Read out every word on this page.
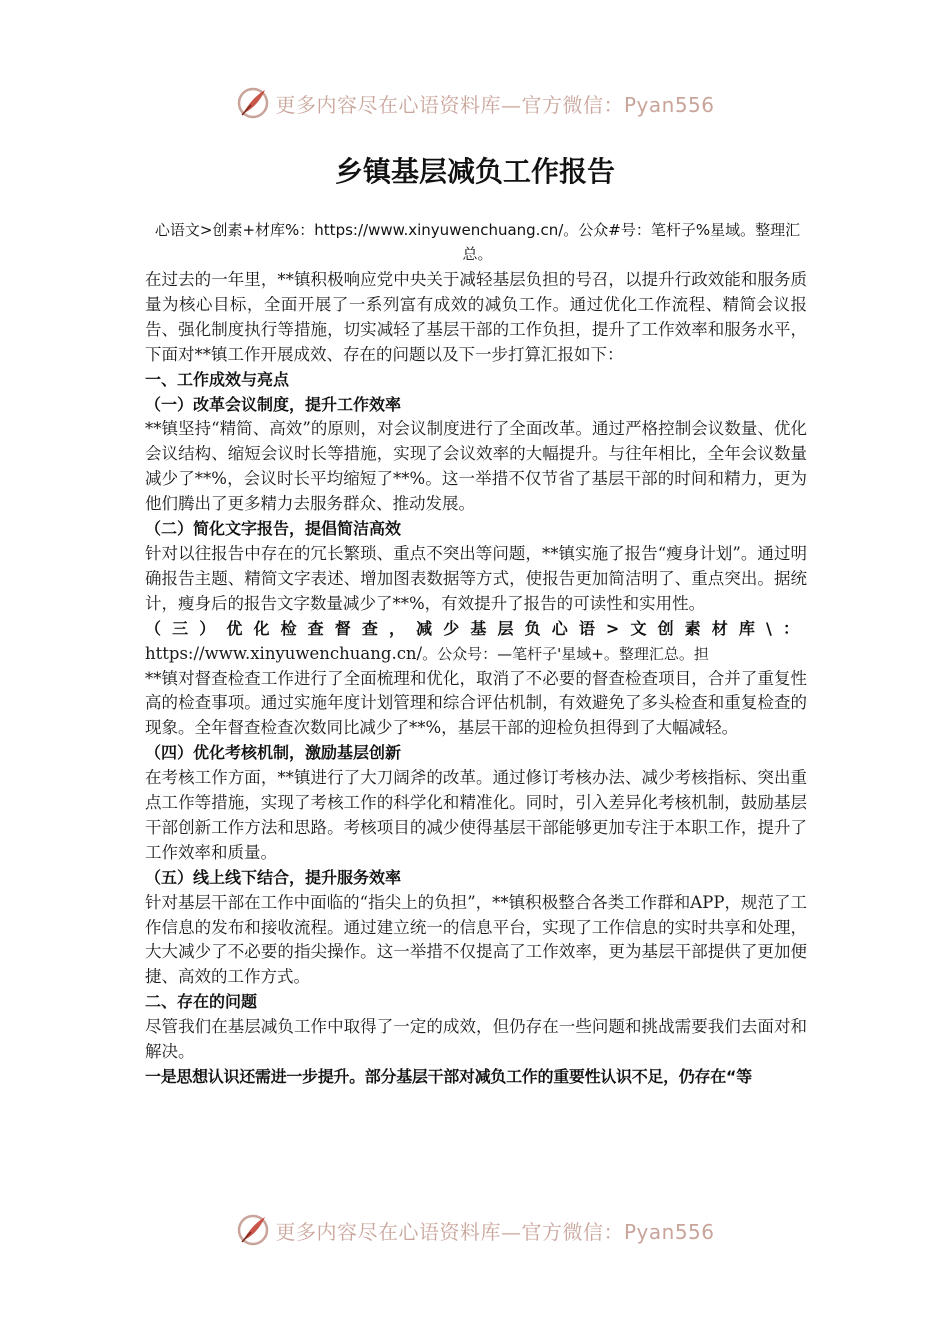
更多内容尽在心语资料库—官方微信：Pyan556
乡镇基层减负工作报告
心语文>创素+材库%：https://www.xinyuwenchuang.cn/。公众#号：笔杆子%星域。整理汇总。

在过去的一年里，**镇积极响应党中央关于减轻基层负担的号召，以提升行政效能和服务质量为核心目标，全面开展了一系列富有成效的减负工作。通过优化工作流程、精简会议报告、强化制度执行等措施，切实减轻了基层干部的工作负担，提升了工作效率和服务水平，下面对**镇工作开展成效、存在的问题以及下一步打算汇报如下：

一、工作成效与亮点

（一）改革会议制度，提升工作效率

**镇坚持“精简、高效”的原则，对会议制度进行了全面改革。通过严格控制会议数量、优化会议结构、缩短会议时长等措施，实现了会议效率的大幅提升。与往年相比，全年会议数量减少了**%，会议时长平均缩短了**%。这一举措不仅节省了基层干部的时间和精力，更为他们腾出了更多精力去服务群众、推动发展。

（二）简化文字报告，提倡简洁高效

针对以往报告中存在的冗长繁琐、重点不突出等问题，**镇实施了报告“瘦身计划”。通过明确报告主题、精简文字表述、增加图表数据等方式，使报告更加简洁明了、重点突出。据统计，瘦身后的报告文字数量减少了**%，有效提升了报告的可读性和实用性。

（三）优化检查督查，减少基层负心语>文创素材库\： https://www.xinyuwenchuang.cn/。公众号：—笔杆子'星域+。整理汇总。担

**镇对督查检查工作进行了全面梳理和优化，取消了不必要的督查检查项目，合并了重复性高的检查事项。通过实施年度计划管理和综合评估机制，有效避免了多头检查和重复检查的现象。全年督查检查次数同比减少了**%，基层干部的迎检负担得到了大幅减轻。

（四）优化考核机制，激励基层创新

在考核工作方面，**镇进行了大刀阔斧的改革。通过修订考核办法、减少考核指标、突出重点工作等措施，实现了考核工作的科学化和精准化。同时，引入差异化考核机制，鼓励基层干部创新工作方法和思路。考核项目的减少使得基层干部能够更加专注于本职工作，提升了工作效率和质量。

（五）线上线下结合，提升服务效率

针对基层干部在工作中面临的“指尖上的负担”，**镇积极整合各类工作群和APP，规范了工作信息的发布和接收流程。通过建立统一的信息平台，实现了工作信息的实时共享和处理，大大减少了不必要的指尖操作。这一举措不仅提高了工作效率，更为基层干部提供了更加便捷、高效的工作方式。

二、存在的问题

尽管我们在基层减负工作中取得了一定的成效，但仍存在一些问题和挑战需要我们去面对和解决。

一是思想认识还需进一步提升。部分基层干部对减负工作的重要性认识不足，仍存在“等

更多内容尽在心语资料库—官方微信：Pyan556
